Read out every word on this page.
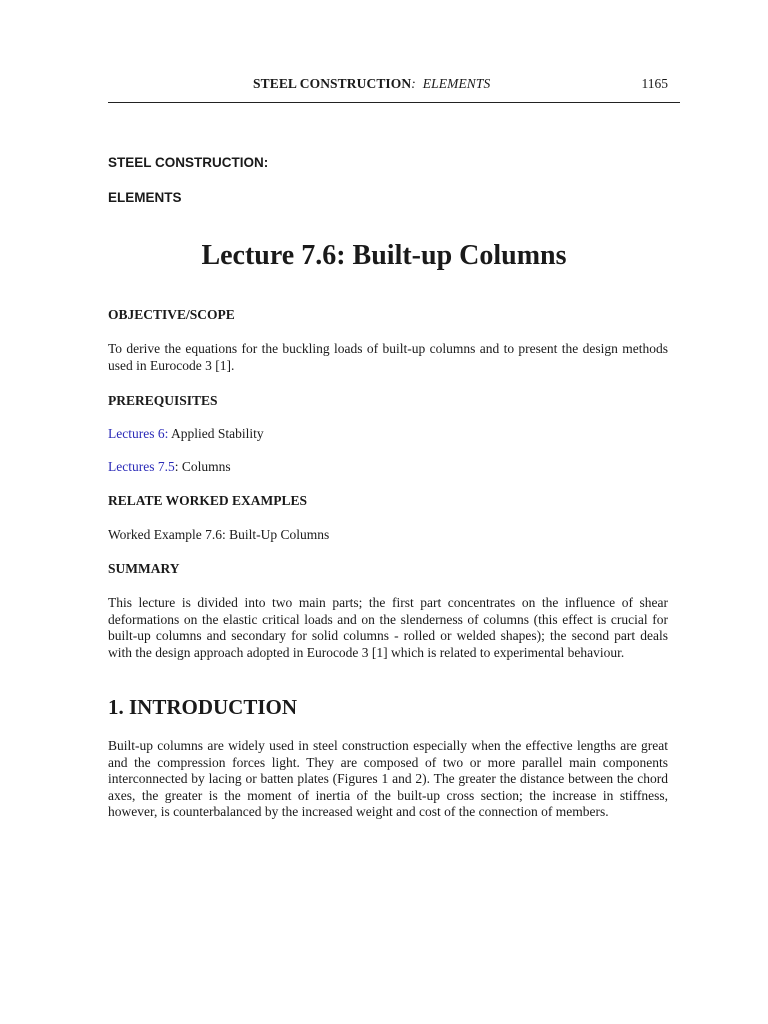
STEEL CONSTRUCTION: ELEMENTS	1165
STEEL CONSTRUCTION:
ELEMENTS
Lecture 7.6: Built-up Columns
OBJECTIVE/SCOPE
To derive the equations for the buckling loads of built-up columns and to present the design methods used in Eurocode 3 [1].
PREREQUISITES
Lectures 6: Applied Stability
Lectures 7.5: Columns
RELATE WORKED EXAMPLES
Worked Example 7.6: Built-Up Columns
SUMMARY
This lecture is divided into two main parts; the first part concentrates on the influence of shear deformations on the elastic critical loads and on the slenderness of columns (this effect is crucial for built-up columns and secondary for solid columns - rolled or welded shapes); the second part deals with the design approach adopted in Eurocode 3 [1] which is related to experimental behaviour.
1. INTRODUCTION
Built-up columns are widely used in steel construction especially when the effective lengths are great and the compression forces light. They are composed of two or more parallel main components interconnected by lacing or batten plates (Figures 1 and 2). The greater the distance between the chord axes, the greater is the moment of inertia of the built-up cross section; the increase in stiffness, however, is counterbalanced by the increased weight and cost of the connection of members.
